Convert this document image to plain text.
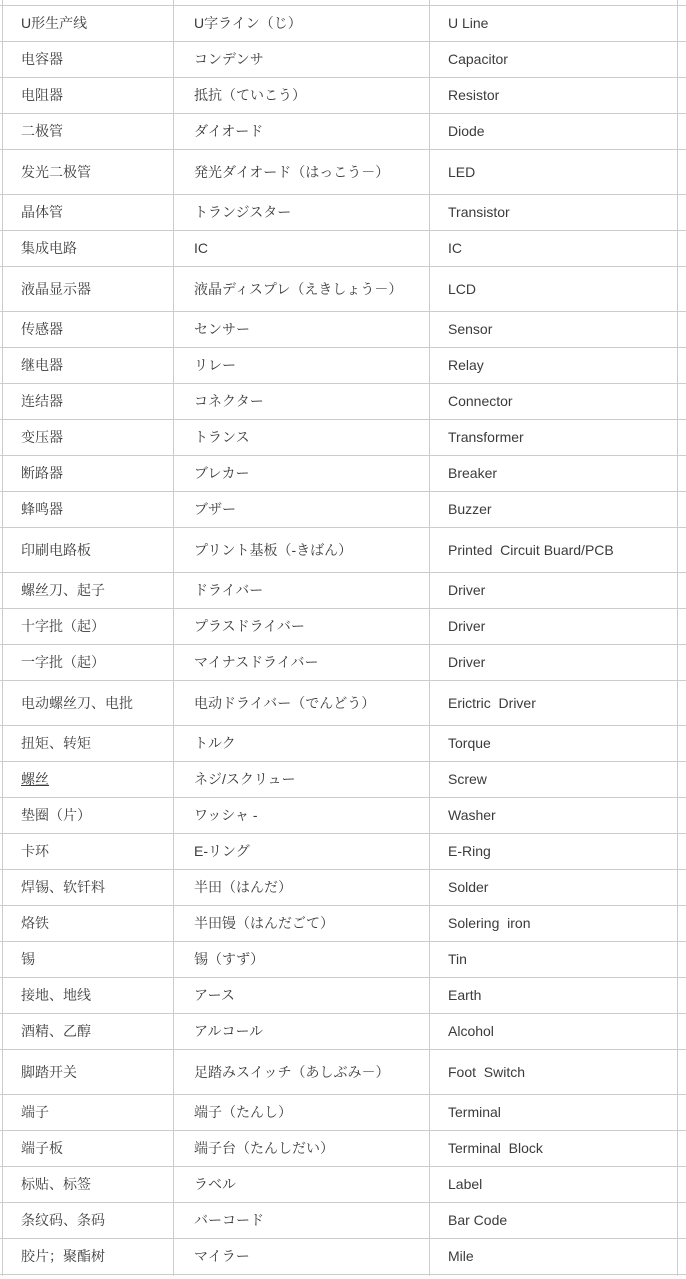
U形生产线	U字ライン（じ）	U Line
电容器	コンデンサ	Capacitor
电阻器	抵抗（ていこう）	Resistor
二极管	ダイオード	Diode
发光二极管	発光ダイオード（はっこう－）	LED
晶体管	トランジスター	Transistor
集成电路	IC	IC
液晶显示器	液晶ディスプレ（えきしょう－）	LCD
传感器	センサー	Sensor
继电器	リレー	Relay
连结器	コネクター	Connector
变压器	トランス	Transformer
断路器	ブレカー	Breaker
蜂鸣器	ブザー	Buzzer
印刷电路板	プリント基板（‐きばん）	Printed  Circuit Buard/PCB
螺丝刀、起子	ドライバー	Driver
十字批（起）	プラスドライバー	Driver
一字批（起）	マイナスドライバー	Driver
电动螺丝刀、电批	电动ドライバー（でんどう）	Erictric  Driver
扭矩、转矩	トルク	Torque
螺丝	ネジ/スクリュー	Screw
垫圈（片）	ワッシャ -	Washer
卡环	E-リング	E-Ring
焊锡、软钎料	半田（はんだ）	Solder
烙铁	半田镘（はんだごて）	Solering  iron
锡	锡（すず）	Tin
接地、地线	アース	Earth
酒精、乙醇	アルコール	Alcohol
脚踏开关	足踏みスイッチ（あしぶみ－）	Foot  Switch
端子	端子（たんし）	Terminal
端子板	端子台（たんしだい）	Terminal  Block
标贴、标签	ラベル	Label
条纹码、条码	バーコード	Bar Code
胶片；聚酯树	マイラー	Mile
